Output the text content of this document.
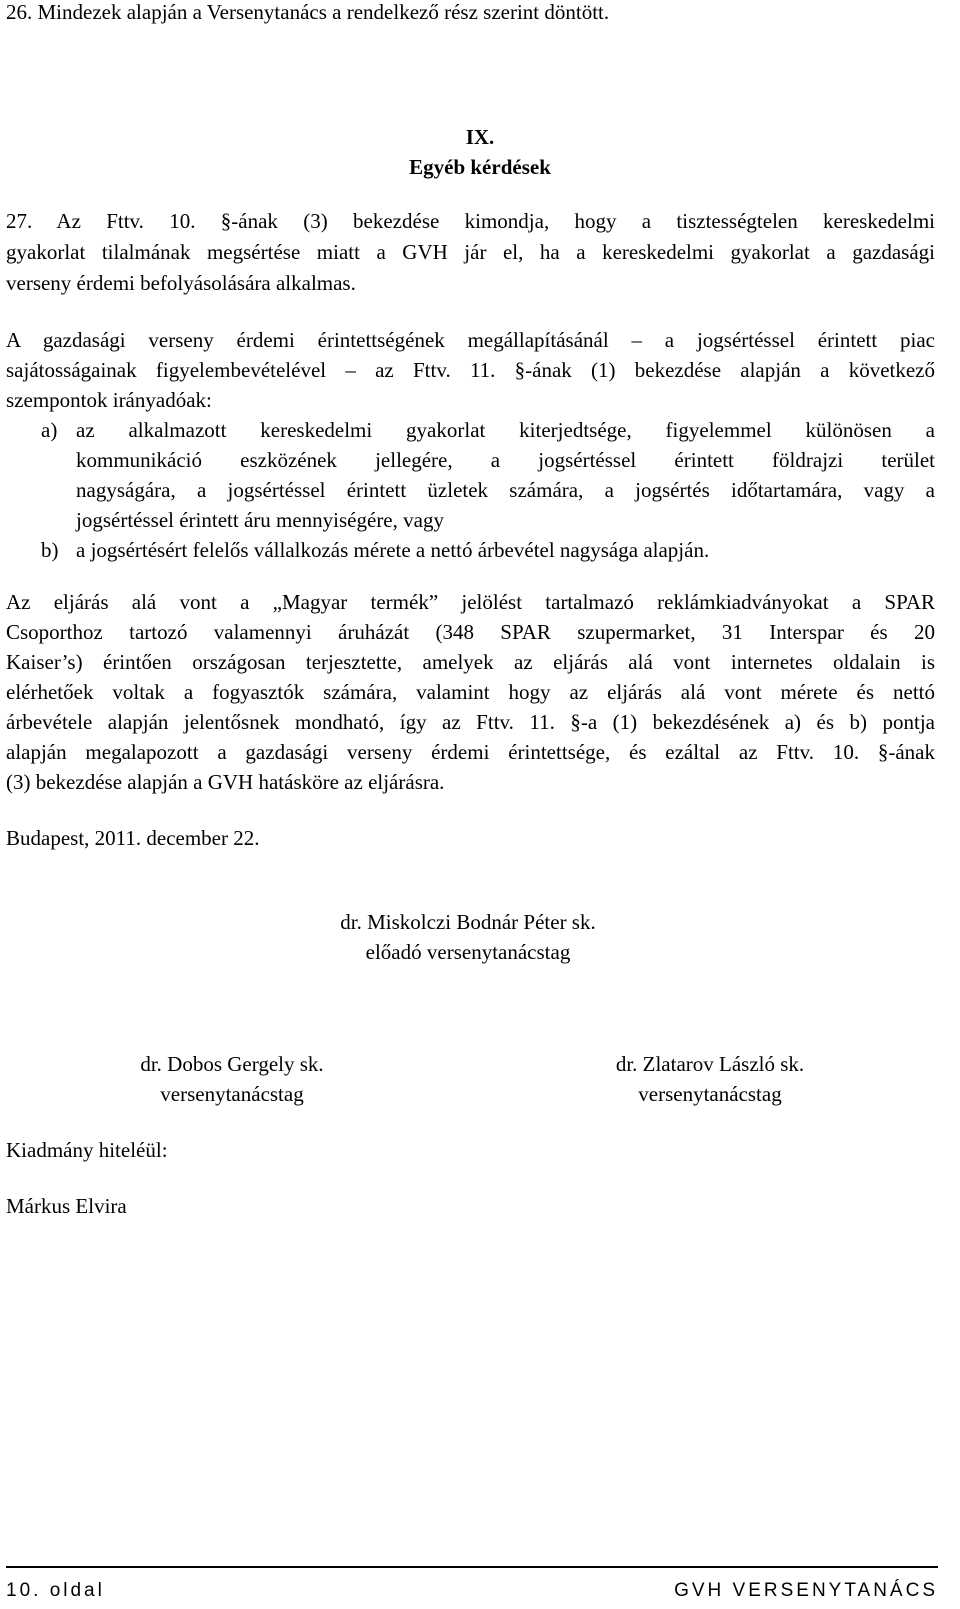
26. Mindezek alapján a Versenytanács a rendelkező rész szerint döntött.
IX.
Egyéb kérdések
27. Az Fttv. 10. §-ának (3) bekezdése kimondja, hogy a tisztességtelen kereskedelmi
gyakorlat tilalmának megsértése miatt a GVH jár el, ha a kereskedelmi gyakorlat a gazdasági
verseny érdemi befolyásolására alkalmas.
A gazdasági verseny érdemi érintettségének megállapításánál – a jogsértéssel érintett piac
sajátosságainak figyelembevételével – az Fttv. 11. §-ának (1) bekezdése alapján a következő
szempontok irányadóak:
a) az alkalmazott kereskedelmi gyakorlat kiterjedtsége, figyelemmel különösen a
kommunikáció eszközének jellegére, a jogsértéssel érintett földrajzi terület
nagyságára, a jogsértéssel érintett üzletek számára, a jogsértés időtartamára, vagy a
jogsértéssel érintett áru mennyiségére, vagy
b) a jogsértésért felelős vállalkozás mérete a nettó árbevétel nagysága alapján.
Az eljárás alá vont a „Magyar termék” jelölést tartalmazó reklámkiadványokat a SPAR
Csoporthoz tartozó valamennyi áruházát (348 SPAR szupermarket, 31 Interspar és 20
Kaiser’s) érintően országosan terjesztette, amelyek az eljárás alá vont internetes oldalain is
elérhetőek voltak a fogyasztók számára, valamint hogy az eljárás alá vont mérete és nettó
árbevétele alapján jelentősnek mondható, így az Fttv. 11. §-a (1) bekezdésének a) és b) pontja
alapján megalapozott a gazdasági verseny érdemi érintettsége, és ezáltal az Fttv. 10. §-ának
(3) bekezdése alapján a GVH hatásköre az eljárásra.
Budapest, 2011. december 22.
dr. Miskolczi Bodnár Péter sk.
előadó versenytanácstag
dr. Dobos Gergely sk.
versenytanácstag
dr. Zlatarov László sk.
versenytanácstag
Kiadmány hiteléül:
Márkus Elvira
10. oldal	GVH VERSENYTANÁCS
